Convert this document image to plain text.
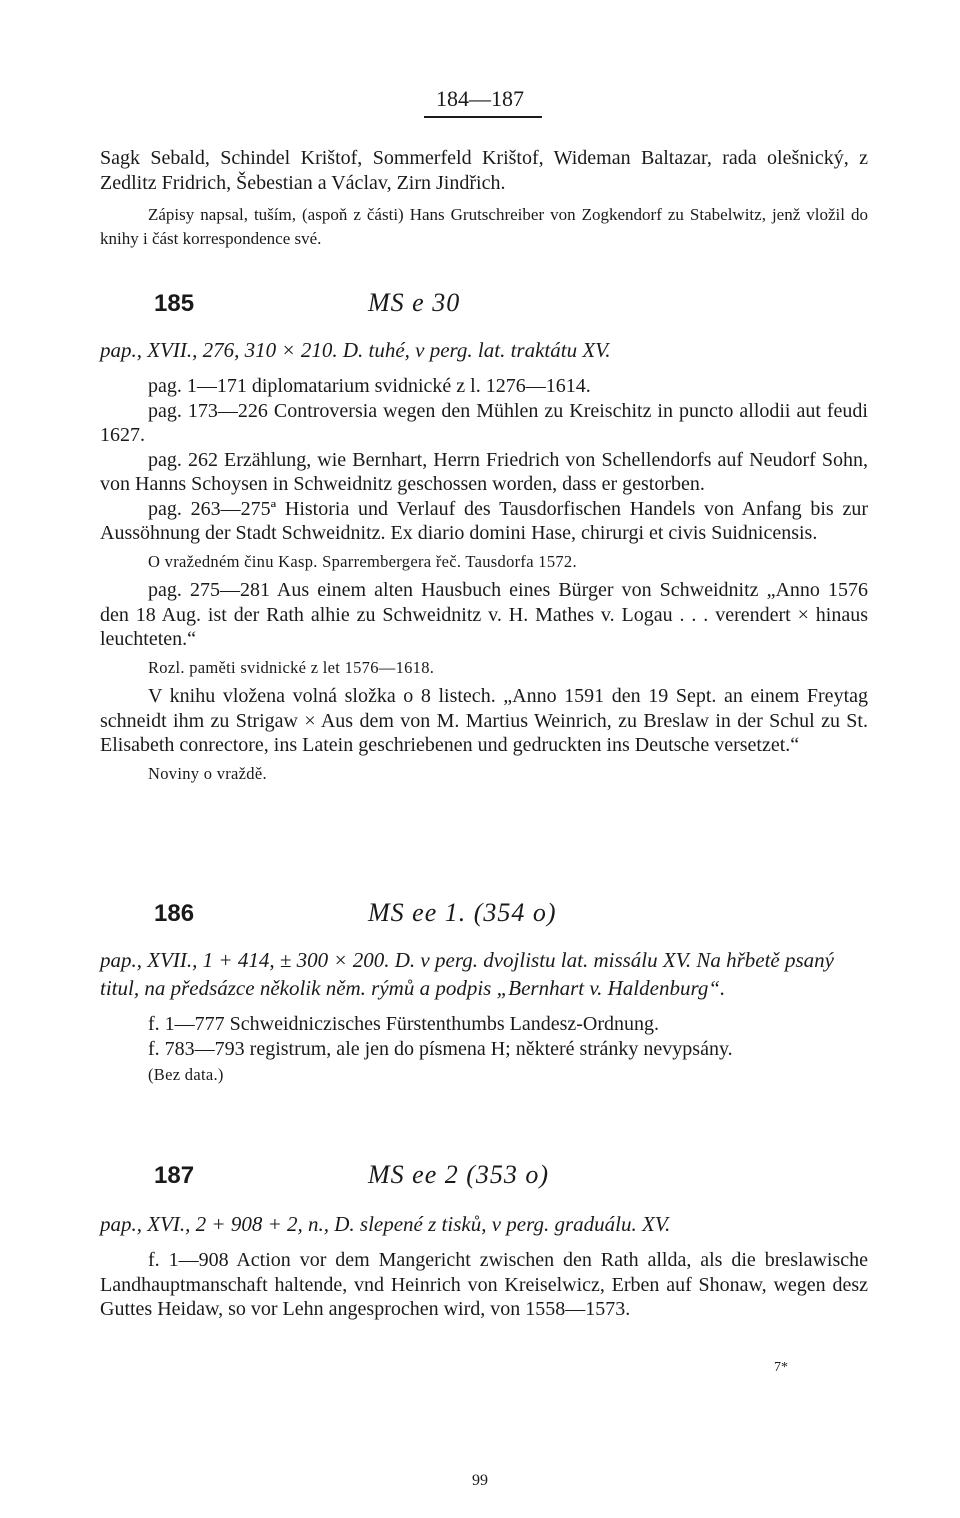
184—187

Sagk Sebald, Schindel Krištof, Sommerfeld Krištof, Wideman Baltazar, rada olešnický, z Zedlitz Fridrich, Šebestian a Václav, Zirn Jindřich.

Zápisy napsal, tuším, (aspoň z části) Hans Grutschreiber von Zogkendorf zu Stabelwitz, jenž vložil do knihy i část korrespondence své.

185	MS e 30

pap., XVII., 276, 310 × 210. D. tuhé, v perg. lat. traktátu XV.

pag. 1—171 diplomatarium svidnické z l. 1276—1614.

pag. 173—226 Controversia wegen den Mühlen zu Kreischitz in puncto allodii aut feudi 1627.

pag. 262 Erzählung, wie Bernhart, Herrn Friedrich von Schellendorfs auf Neudorf Sohn, von Hanns Schoysen in Schweidnitz geschossen worden, dass er gestorben.

pag. 263—275ª Historia und Verlauf des Tausdorfischen Handels von Anfang bis zur Aussöhnung der Stadt Schweidnitz. Ex diario domini Hase, chirurgi et civis Suidnicensis.

O vražedném činu Kasp. Sparrembergera řeč. Tausdorfa 1572.

pag. 275—281 Aus einem alten Hausbuch eines Bürger von Schweidnitz „Anno 1576 den 18 Aug. ist der Rath alhie zu Schweidnitz v. H. Mathes v. Logau . . . verendert × hinaus leuchteten.“

Rozl. paměti svidnické z let 1576—1618.

V knihu vložena volná složka o 8 listech. „Anno 1591 den 19 Sept. an einem Freytag schneidt ihm zu Strigaw × Aus dem von M. Martius Weinrich, zu Breslaw in der Schul zu St. Elisabeth conrectore, ins Latein geschriebenen und gedruckten ins Deutsche versetzet.“

Noviny o vraždě.

186	MS ee 1. (354 o)

pap., XVII., 1 + 414, ± 300 × 200. D. v perg. dvojlistu lat. missálu XV. Na hřbetě psaný titul, na předsázce několik něm. rýmů a podpis „Bernhart v. Haldenburg“.

f. 1—777 Schweidniczisches Fürstenthumbs Landesz-Ordnung.

f. 783—793 registrum, ale jen do písmena H; některé stránky nevypsány.

(Bez data.)

187	MS ee 2 (353 o)

pap., XVI., 2 + 908 + 2, n., D. slepené z tisků, v perg. graduálu. XV.

f. 1—908 Action vor dem Mangericht zwischen den Rath allda, als die breslawische Landhauptmanschaft haltende, vnd Heinrich von Kreiselwicz, Erben auf Shonaw, wegen desz Guttes Heidaw, so vor Lehn angesprochen wird, von 1558—1573.

7*
99
